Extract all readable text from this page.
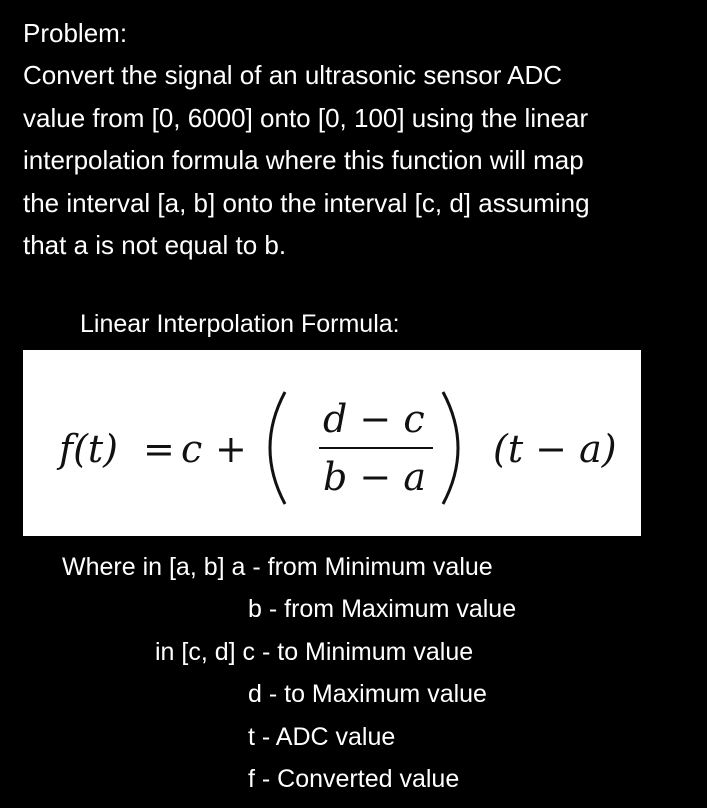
Problem:
Convert the signal of an ultrasonic sensor ADC
value from [0, 6000] onto [0, 100] using the linear
interpolation formula where this function will map
the interval [a, b] onto the interval [c, d] assuming
that a is not equal to b.
Linear Interpolation Formula:
f(t) = c +
d − c
b − a
(t − a)
Where in [a, b] a - from Minimum value
b - from Maximum value
in [c, d] c - to Minimum value
d - to Maximum value
t - ADC value
f - Converted value
